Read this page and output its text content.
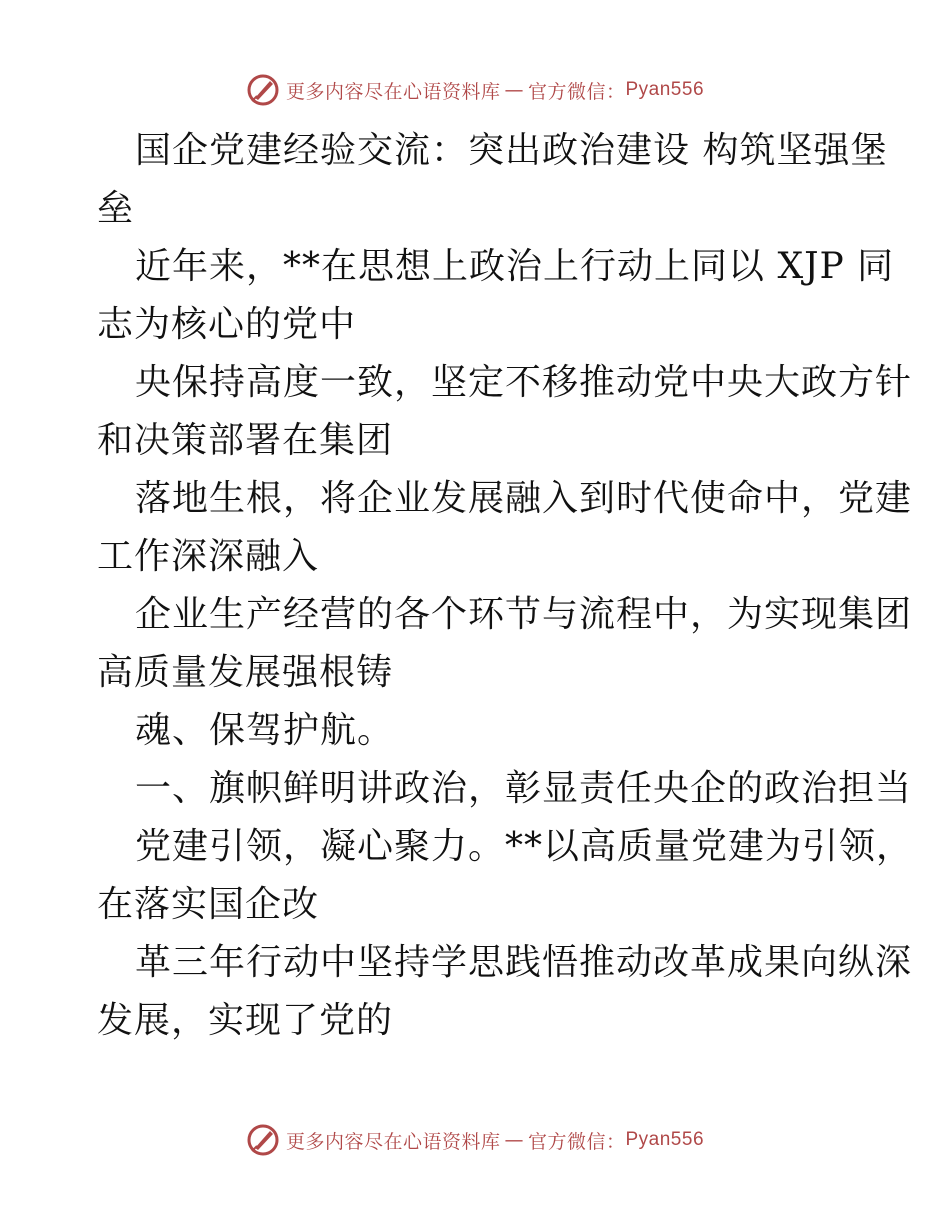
更多内容尽在心语资料库 — 官方微信： Pyan556
国企党建经验交流：突出政治建设 构筑坚强堡
垒
近年来，**在思想上政治上行动上同以 XJP 同
志为核心的党中
央保持高度一致，坚定不移推动党中央大政方针
和决策部署在集团
落地生根，将企业发展融入到时代使命中，党建
工作深深融入
企业生产经营的各个环节与流程中，为实现集团
高质量发展强根铸
魂、保驾护航。
一、旗帜鲜明讲政治，彰显责任央企的政治担当
党建引领，凝心聚力。**以高质量党建为引领，
在落实国企改
革三年行动中坚持学思践悟推动改革成果向纵深
发展，实现了党的
更多内容尽在心语资料库 — 官方微信： Pyan556
